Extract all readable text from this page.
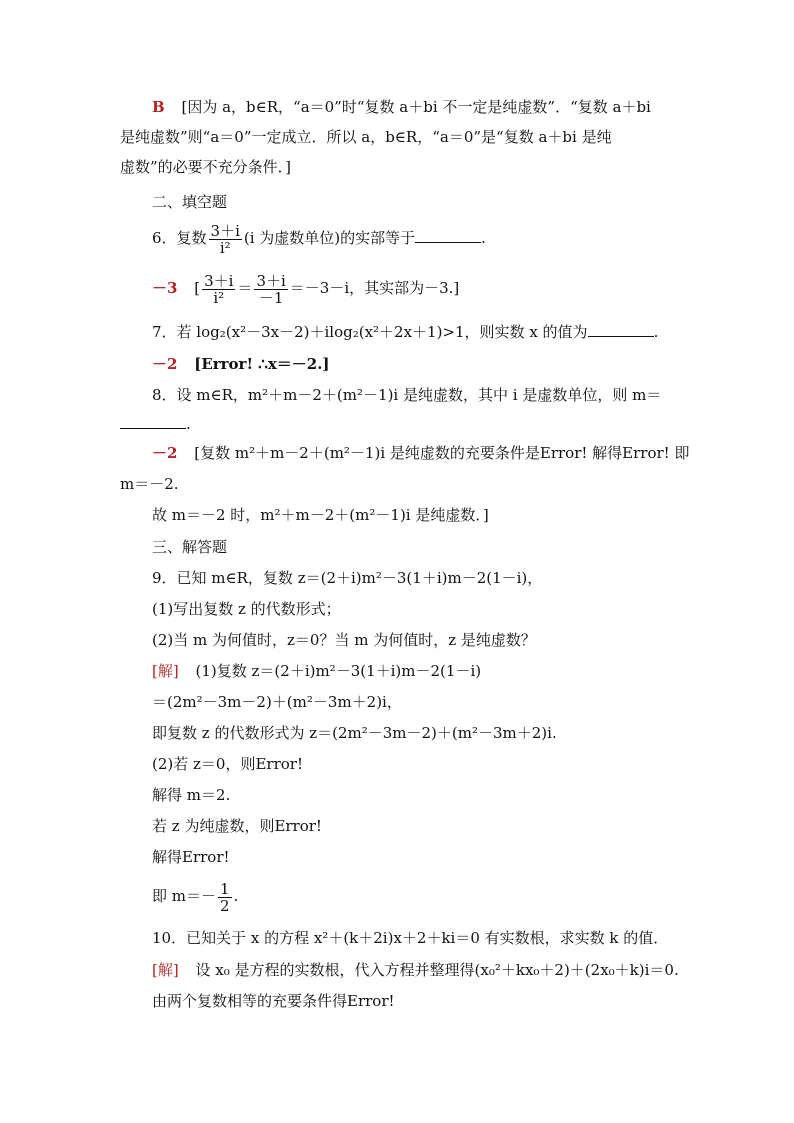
B [因为 a，b∈R，“a＝0”时“复数 a＋bi 不一定是纯虚数”．“复数 a＋bi
是纯虚数”则“a＝0”一定成立．所以 a，b∈R，“a＝0”是“复数 a＋bi 是纯
虚数”的必要不充分条件．]
二、填空题
6．复数 $\frac{3+i}{\text{i²}} (i$ 为虚数单位)的实部等于	.
－3 [ $\frac{3+i}{\text{i²}} = \frac{3+i}{-1} =-3-i$，其实部为－3.]
7．若 log₂(x²－3x－2)＋ilog₂(x²＋2x＋1)>1，则实数 x 的值为	.
－2 [Error! ∴x＝－2.]
8．设 m∈R，m²＋m－2＋(m²－1)i 是纯虚数，其中 i 是虚数单位，则 m＝
.
－2 [复数 m²＋m－2＋(m²－1)i 是纯虚数的充要条件是Error! 解得Error! 即
m＝－2.
故 m＝－2 时，m²＋m－2＋(m²－1)i 是纯虚数．]
三、解答题
9．已知 m∈R，复数 z＝(2＋i)m²－3(1＋i)m－2(1－i)，
(1)写出复数 z 的代数形式；
(2)当 m 为何值时，z＝0？当 m 为何值时，z 是纯虚数？
[解] (1)复数 z＝(2＋i)m²－3(1＋i)m－2(1－i)
＝(2m²－3m－2)＋(m²－3m＋2)i，
即复数 z 的代数形式为 z＝(2m²－3m－2)＋(m²－3m＋2)i.
(2)若 z＝0，则Error!
解得 m＝2.
若 z 为纯虚数，则Error!
解得Error!
即 $m=- \frac{1}{2}$ .
10．已知关于 x 的方程 x²＋(k＋2i)x＋2＋ki＝0 有实数根，求实数 k 的值．
[解] 设 x₀ 是方程的实数根，代入方程并整理得(x₀²＋kx₀＋2)＋(2x₀＋k)i＝0.
由两个复数相等的充要条件得Error!
